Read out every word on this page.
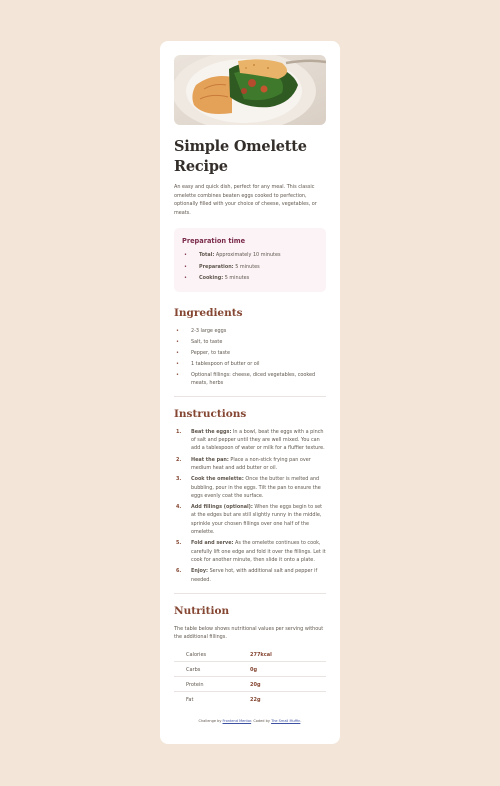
Simple Omelette Recipe

An easy and quick dish, perfect for any meal. This classic omelette combines beaten eggs cooked to perfection, optionally filled with your choice of cheese, vegetables, or meats.

Preparation time
• Total: Approximately 10 minutes
• Preparation: 5 minutes
• Cooking: 5 minutes
Ingredients
• 2-3 large eggs
• Salt, to taste
• Pepper, to taste
• 1 tablespoon of butter or oil
• Optional fillings: cheese, diced vegetables, cooked meats, herbs
Instructions
1. Beat the eggs: In a bowl, beat the eggs with a pinch of salt and pepper until they are well mixed. You can add a tablespoon of water or milk for a fluffier texture.
2. Heat the pan: Place a non-stick frying pan over medium heat and add butter or oil.
3. Cook the omelette: Once the butter is melted and bubbling, pour in the eggs. Tilt the pan to ensure the eggs evenly coat the surface.
4. Add fillings (optional): When the eggs begin to set at the edges but are still slightly runny in the middle, sprinkle your chosen fillings over one half of the omelette.
5. Fold and serve: As the omelette continues to cook, carefully lift one edge and fold it over the fillings. Let it cook for another minute, then slide it onto a plate.
6. Enjoy: Serve hot, with additional salt and pepper if needed.
Nutrition

The table below shows nutritional values per serving without the additional fillings.

Calories	277kcal
Carbs	0g
Protein	20g
Fat	22g
Challenge by Frontend Mentor. Coded by The Small Muffin.
